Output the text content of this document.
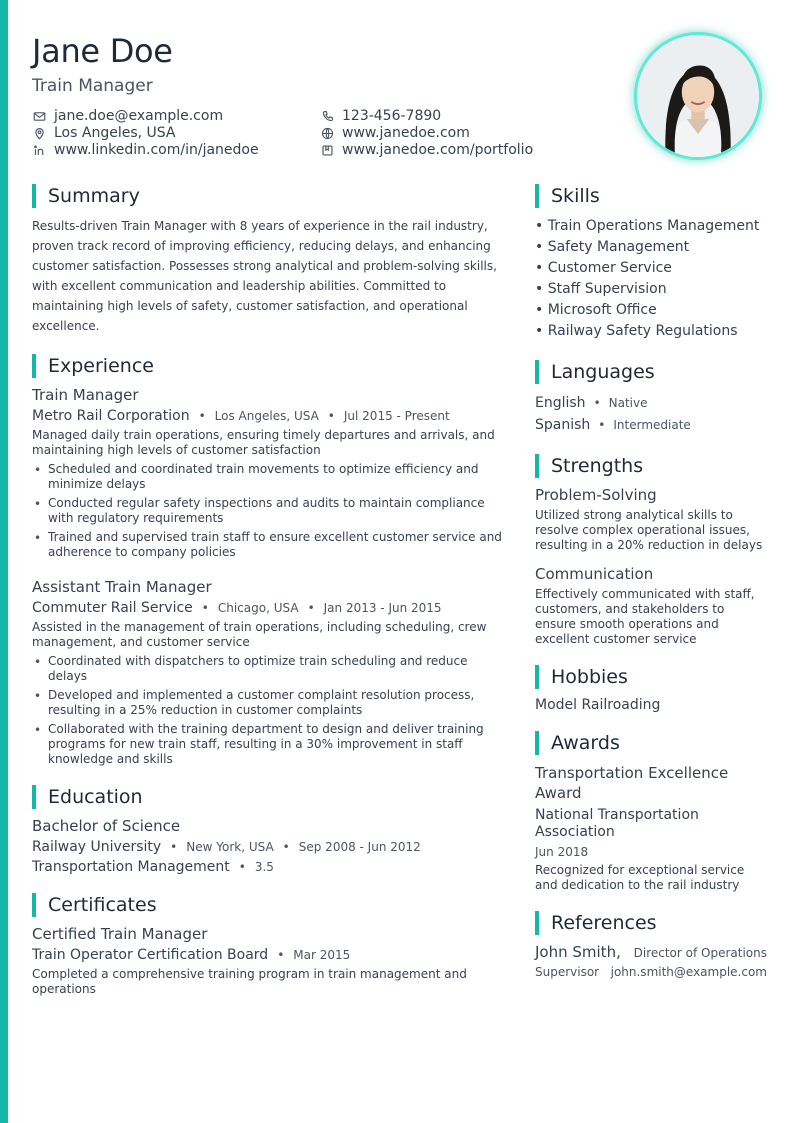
Jane Doe
Train Manager
jane.doe@example.com
Los Angeles, USA
www.linkedin.com/in/janedoe
123-456-7890
www.janedoe.com
www.janedoe.com/portfolio
Summary
Results-driven Train Manager with 8 years of experience in the rail industry, proven track record of improving efficiency, reducing delays, and enhancing customer satisfaction. Possesses strong analytical and problem-solving skills, with excellent communication and leadership abilities. Committed to maintaining high levels of safety, customer satisfaction, and operational excellence.
Experience
Train Manager
Metro Rail Corporation • Los Angeles, USA • Jul 2015 - Present
Managed daily train operations, ensuring timely departures and arrivals, and maintaining high levels of customer satisfaction
• Scheduled and coordinated train movements to optimize efficiency and minimize delays
• Conducted regular safety inspections and audits to maintain compliance with regulatory requirements
• Trained and supervised train staff to ensure excellent customer service and adherence to company policies
Assistant Train Manager
Commuter Rail Service • Chicago, USA • Jan 2013 - Jun 2015
Assisted in the management of train operations, including scheduling, crew management, and customer service
• Coordinated with dispatchers to optimize train scheduling and reduce delays
• Developed and implemented a customer complaint resolution process, resulting in a 25% reduction in customer complaints
• Collaborated with the training department to design and deliver training programs for new train staff, resulting in a 30% improvement in staff knowledge and skills
Education
Bachelor of Science
Railway University • New York, USA • Sep 2008 - Jun 2012
Transportation Management • 3.5
Certificates
Certified Train Manager
Train Operator Certification Board • Mar 2015
Completed a comprehensive training program in train management and operations
Skills
• Train Operations Management
• Safety Management
• Customer Service
• Staff Supervision
• Microsoft Office
• Railway Safety Regulations
Languages
English • Native
Spanish • Intermediate
Strengths
Problem-Solving
Utilized strong analytical skills to resolve complex operational issues, resulting in a 20% reduction in delays
Communication
Effectively communicated with staff, customers, and stakeholders to ensure smooth operations and excellent customer service
Hobbies
Model Railroading
Awards
Transportation Excellence Award
National Transportation Association
Jun 2018
Recognized for exceptional service and dedication to the rail industry
References
John Smith, Director of Operations
Supervisor john.smith@example.com
